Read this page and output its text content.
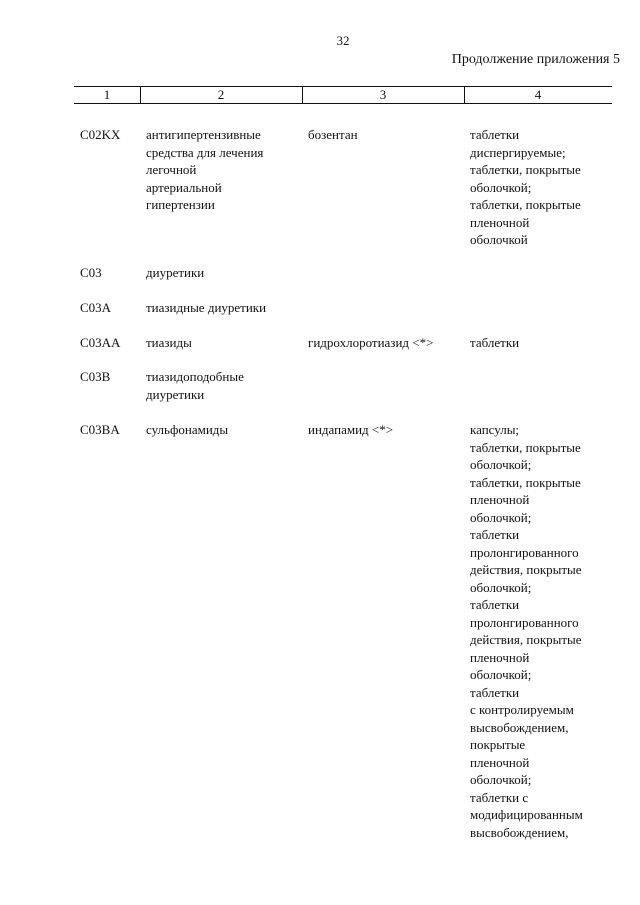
32
Продолжение приложения 5
1	2	3	4
C02KX антигипертензивные
средства для лечения
легочной
артериальной
гипертензии
бозентан	таблетки
диспергируемые;
таблетки, покрытые
оболочкой;
таблетки, покрытые
пленочной
оболочкой
C03	диуретики
C03A	тиазидные диуретики
C03AA тиазиды	гидрохлоротиазид <*>	таблетки
C03B	тиазидоподобные
диуретики
C03BA сульфонамиды	индапамид <*>	капсулы;
таблетки, покрытые
оболочкой;
таблетки, покрытые
пленочной
оболочкой;
таблетки
пролонгированного
действия, покрытые
оболочкой;
таблетки
пролонгированного
действия, покрытые
пленочной
оболочкой;
таблетки
с контролируемым
высвобождением,
покрытые
пленочной
оболочкой;
таблетки с
модифицированным
высвобождением,
